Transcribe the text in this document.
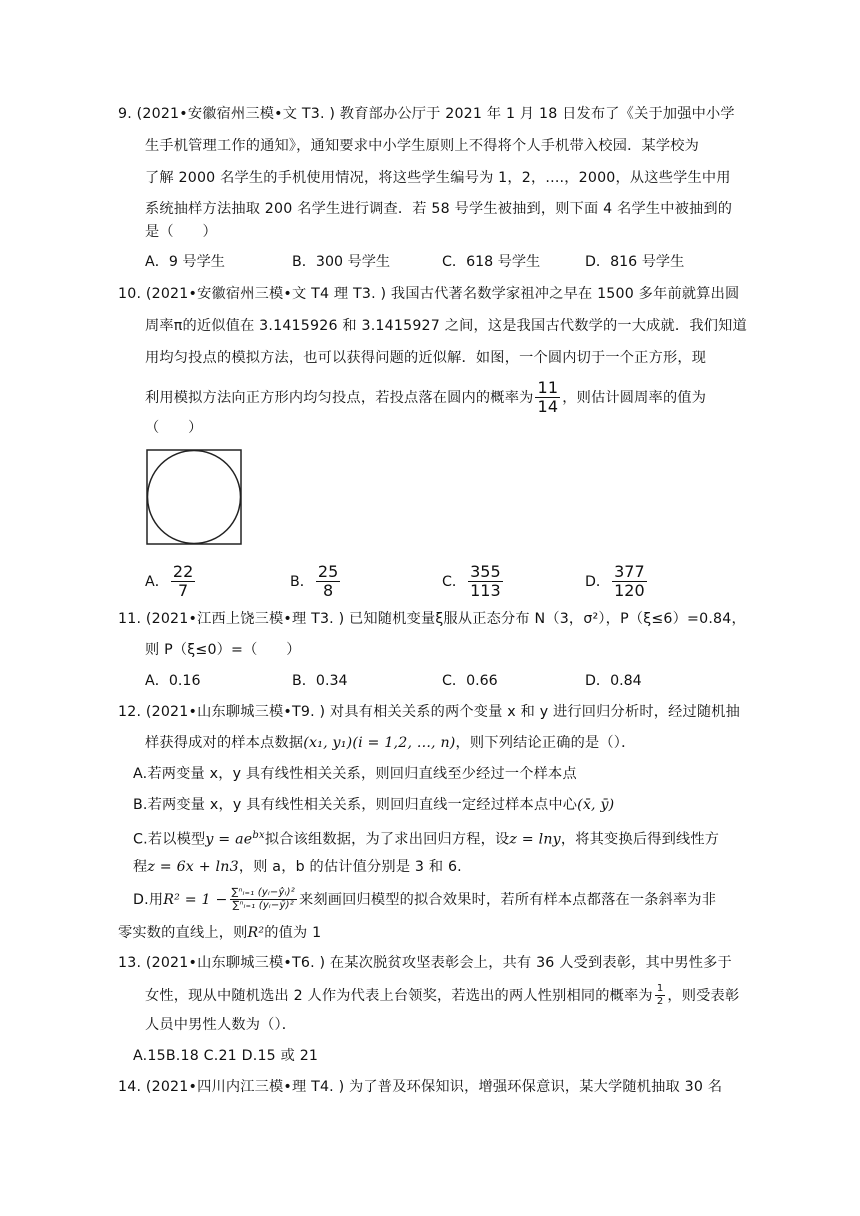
9. (2021•安徽宿州三模•文 T3. ) 教育部办公厅于 2021 年 1 月 18 日发布了《关于加强中小学
生手机管理工作的通知》，通知要求中小学生原则上不得将个人手机带入校园．某学校为
了解 2000 名学生的手机使用情况，将这些学生编号为 1，2，....，2000，从这些学生中用
系统抽样方法抽取 200 名学生进行调查．若 58 号学生被抽到，则下面 4 名学生中被抽到的
是（　　）
A．9 号学生	B．300 号学生	C．618 号学生	D．816 号学生
10. (2021•安徽宿州三模•文 T4 理 T3. ) 我国古代著名数学家祖冲之早在 1500 多年前就算出圆
周率π的近似值在 3.1415926 和 3.1415927 之间，这是我国古代数学的一大成就．我们知道
用均匀投点的模拟方法，也可以获得问题的近似解．如图，一个圆内切于一个正方形，现
利用模拟方法向正方形内均匀投点，若投点落在圆内的概率为 $\frac{11}{14}$ ，则估计圆周率的值为
（　　）
A． $\frac{22}{7}$	B． $\frac{25}{8}$	C． $\frac{355}{113}$	D． $\frac{377}{120}$
11. (2021•江西上饶三模•理 T3. ) 已知随机变量ξ服从正态分布 N（3，σ²），P（ξ≤6）=0.84，
则 P（ξ≤0）=（　　）
A．0.16	B．0.34	C．0.66	D．0.84
12. (2021•山东聊城三模•T9. ) 对具有相关关系的两个变量 x 和 y 进行回归分析时，经过随机抽
样获得成对的样本点数据(x₁, y₁)(i = 1,2, ..., n)，则下列结论正确的是（）．
A.若两变量 x，y 具有线性相关关系，则回归直线至少经过一个样本点
B.若两变量 x，y 具有线性相关关系，则回归直线一定经过样本点中心(x̄, ȳ)
C.若以模型$y = ae^{bx}$拟合该组数据，为了求出回归方程，设z = lny，将其变换后得到线性方
程z = 6x + ln3，则 a，b 的估计值分别是 3 和 6.
D.用 $R^2 = 1 - \frac{\text{∑ⁿᵢ₌₁ (yᵢ−ŷᵢ)²}}{\text{∑ⁿᵢ₌₁ (yᵢ−ȳ)²}}$ 来刻画回归模型的拟合效果时，若所有样本点都落在一条斜率为非
零实数的直线上，则R²的值为 1
13. (2021•山东聊城三模•T6. ) 在某次脱贫攻坚表彰会上，共有 36 人受到表彰，其中男性多于
女性，现从中随机选出 2 人作为代表上台领奖，若选出的两人性别相同的概率为 $\frac{1}{2}$ ，则受表彰
人员中男性人数为（）．
A.15B.18 C.21 D.15 或 21
14. (2021•四川内江三模•理 T4. ) 为了普及环保知识，增强环保意识，某大学随机抽取 30 名
